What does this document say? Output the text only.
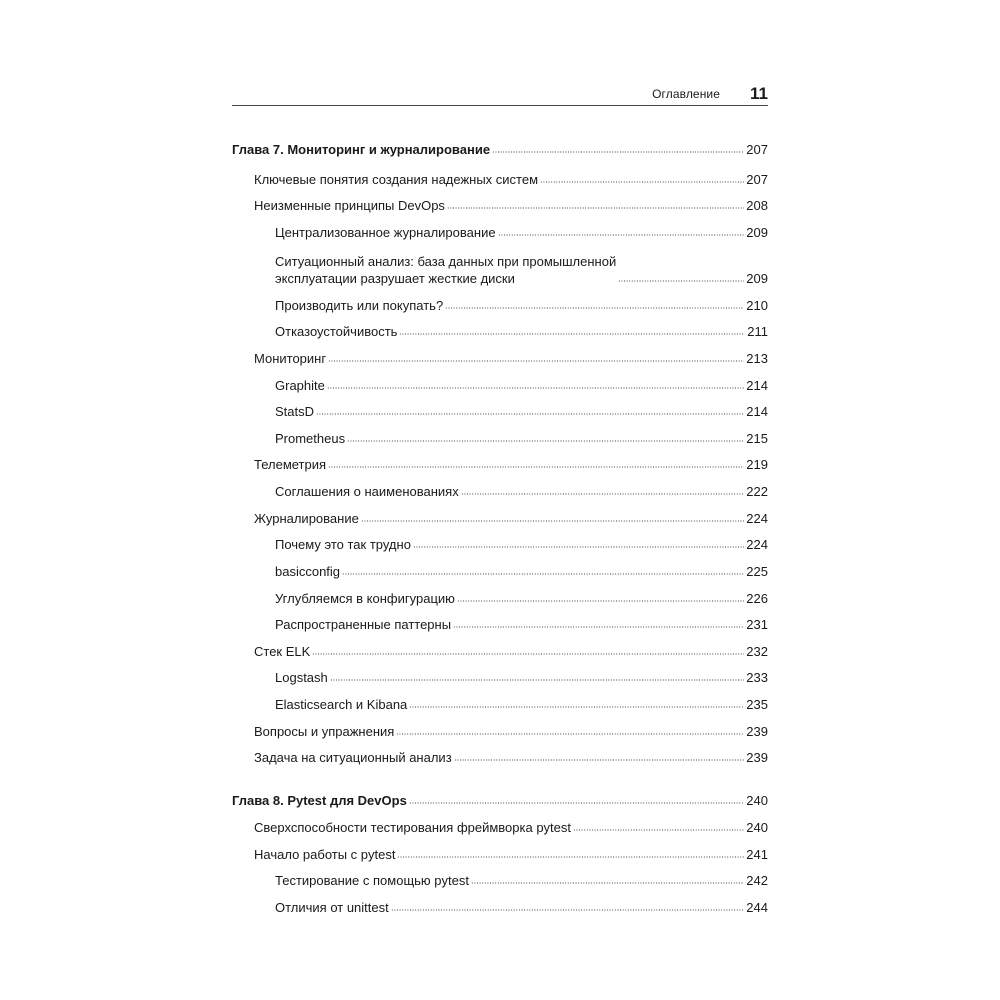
Оглавление 11
Глава 7. Мониторинг и журналирование	207
Ключевые понятия создания надежных систем	207
Неизменные принципы DevOps	208
Централизованное журналирование	209
Ситуационный анализ: база данных при промышленной
эксплуатации разрушает жесткие диски	209
Производить или покупать?	210
Отказоустойчивость	211
Мониторинг	213
Graphite	214
StatsD	214
Prometheus	215
Телеметрия	219
Соглашения о наименованиях	222
Журналирование	224
Почему это так трудно	224
basicconfig	225
Углубляемся в конфигурацию	226
Распространенные паттерны	231
Стек ELK	232
Logstash	233
Elasticsearch и Kibana	235
Вопросы и упражнения	239
Задача на ситуационный анализ	239
Глава 8. Pytest для DevOps	240
Сверхспособности тестирования фреймворка pytest	240
Начало работы с pytest	241
Тестирование с помощью pytest	242
Отличия от unittest	244
